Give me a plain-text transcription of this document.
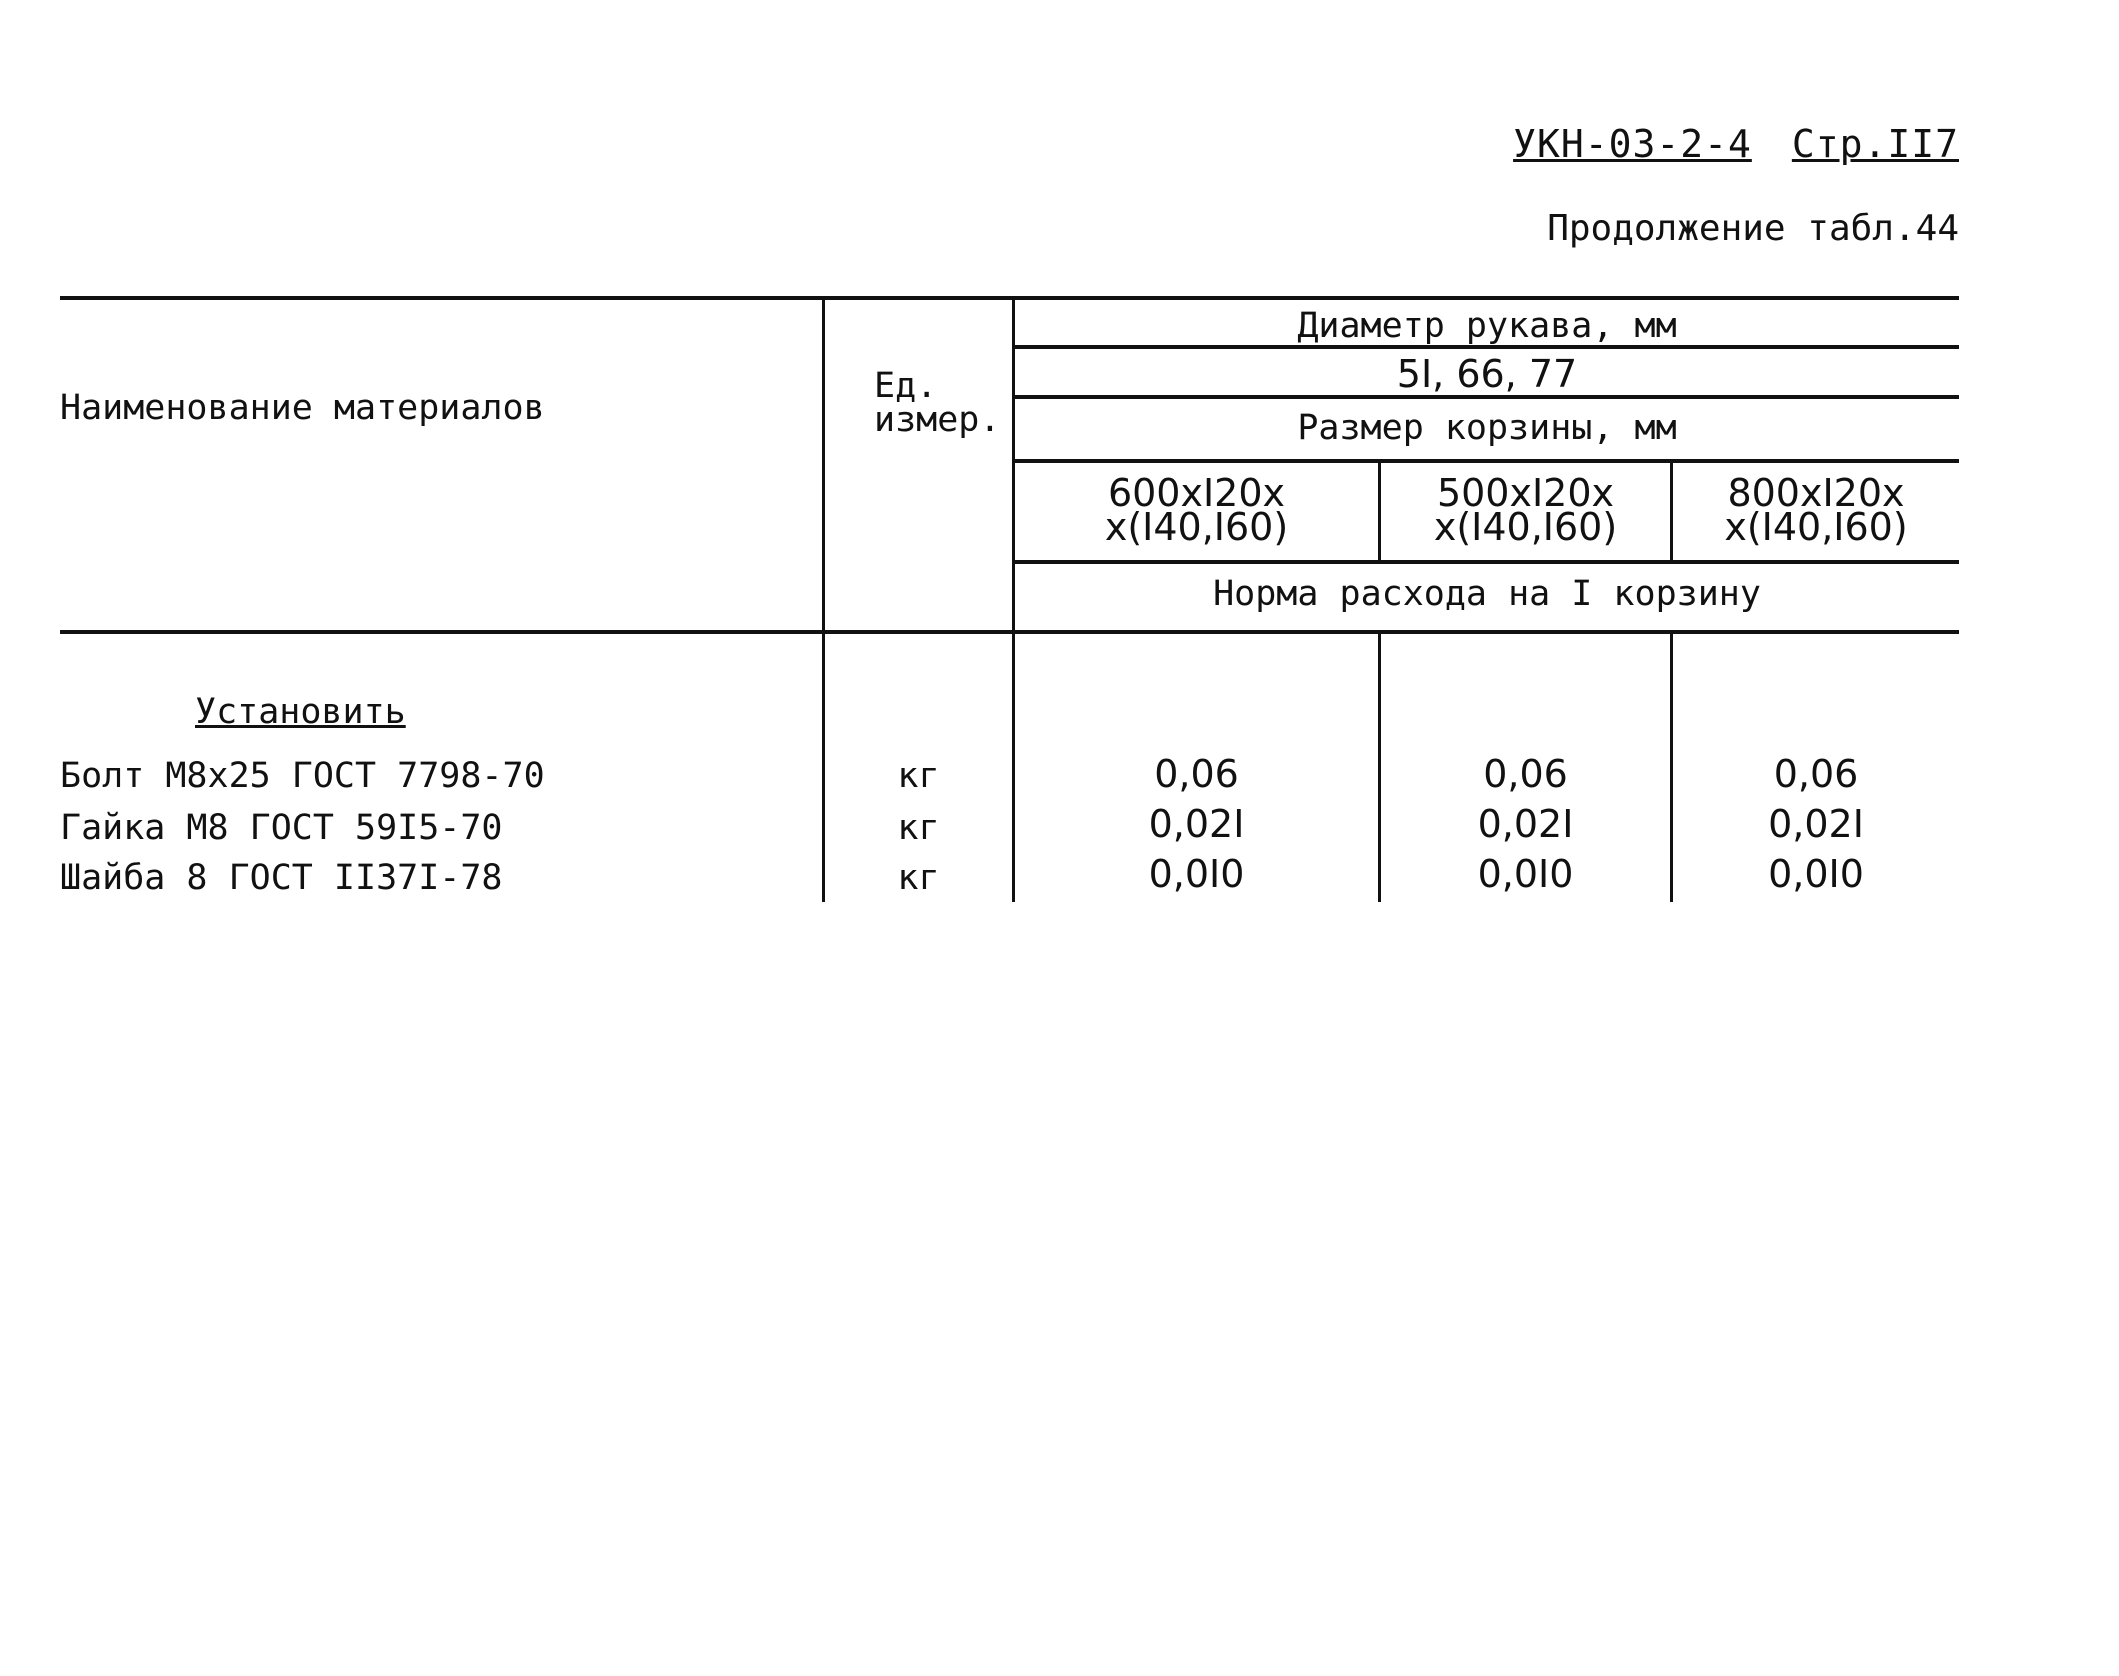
УКН-03-2-4 Стр.II7
Продолжение табл.44
Наименование материалов
Ед.
измер.
Диаметр рукава, мм
5I, 66, 77
Размер корзины, мм
600xI20x
x(I40,I60)
500xI20x
x(I40,I60)
800xI20x
x(I40,I60)
Норма расхода на I корзину
Установить
Болт М8x25 ГОСТ 7798-70	кг	0,06	0,06	0,06
Гайка М8 ГОСТ 59I5-70	кг	0,02I	0,02I	0,02I
Шайба 8 ГОСТ II37I-78	кг	0,0I0	0,0I0	0,0I0
